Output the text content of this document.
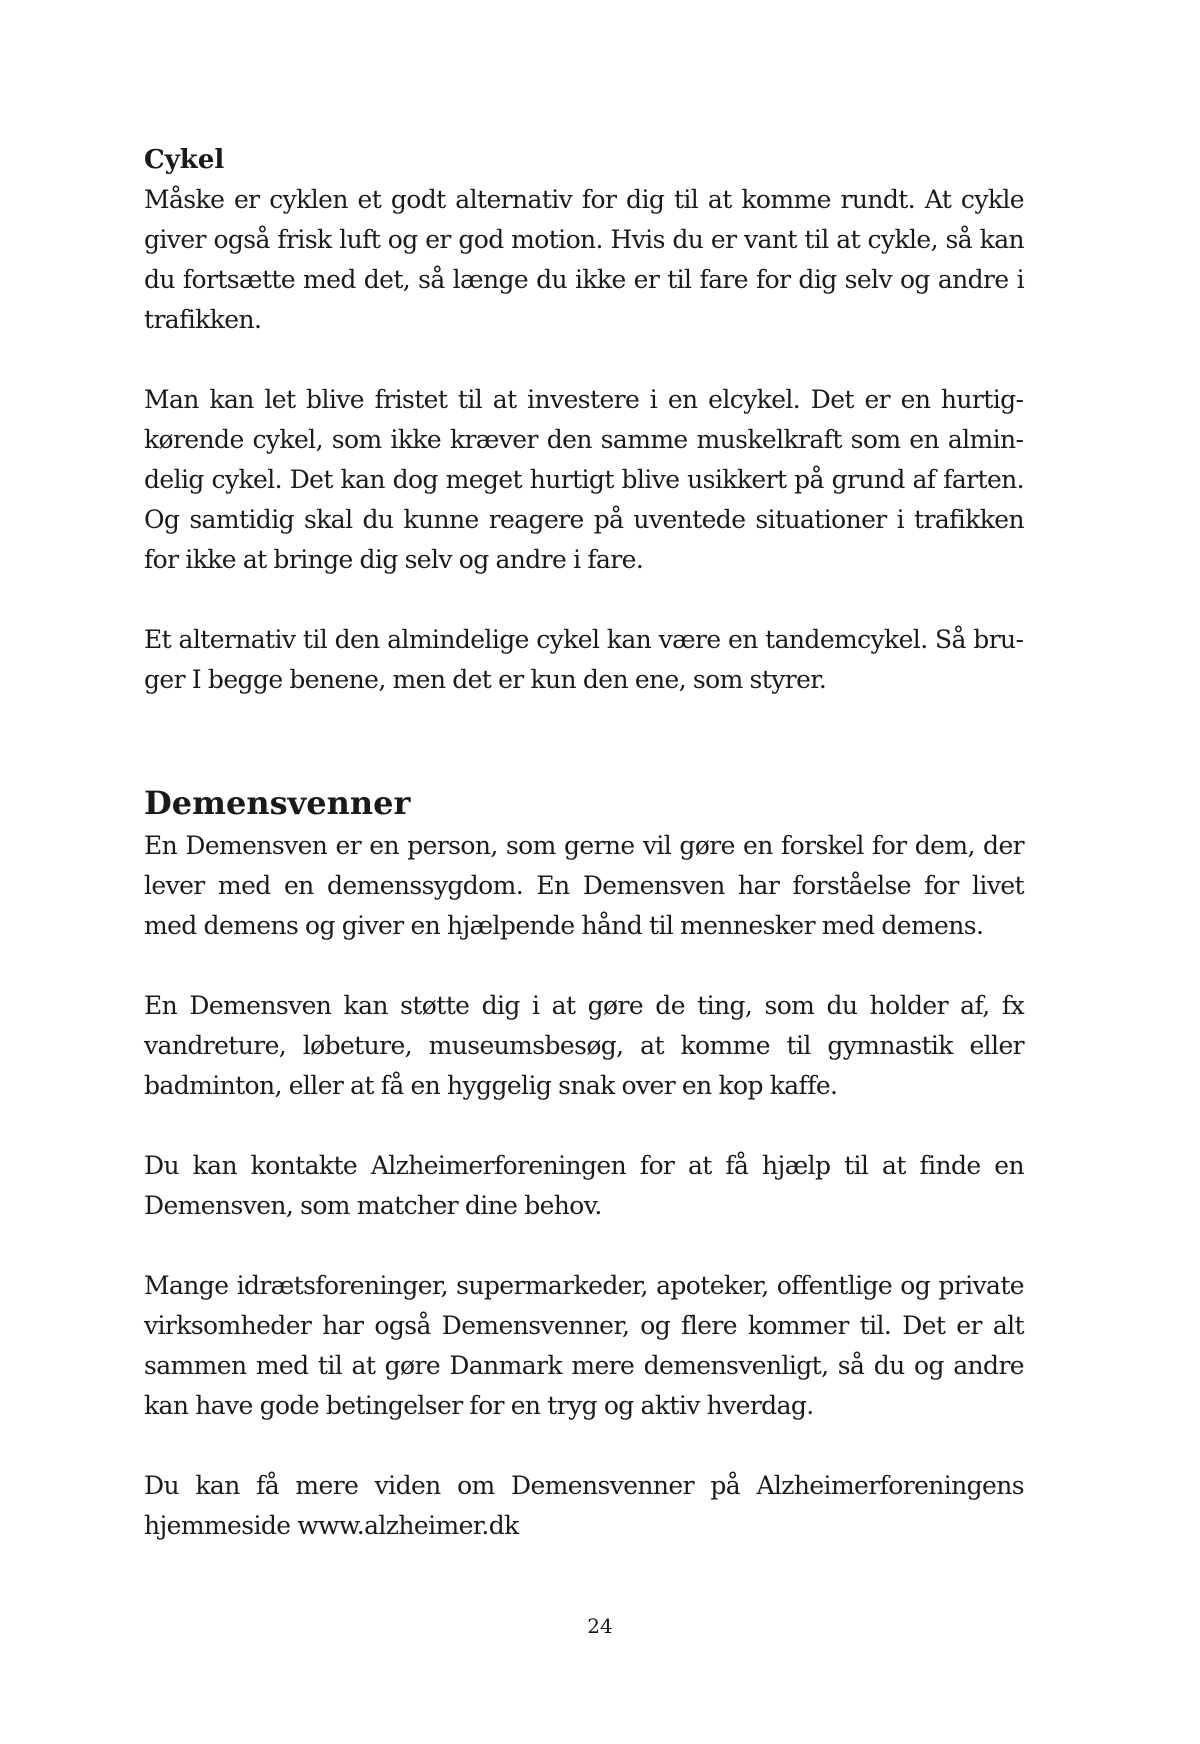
Cykel

Måske er cyklen et godt alternativ for dig til at komme rundt. At cykle giver også frisk luft og er god motion. Hvis du er vant til at cykle, så kan du fortsætte med det, så længe du ikke er til fare for dig selv og andre i trafikken.

Man kan let blive fristet til at investere i en elcykel. Det er en hurtigkørende cykel, som ikke kræver den samme muskelkraft som en almindelig cykel. Det kan dog meget hurtigt blive usikkert på grund af farten. Og samtidig skal du kunne reagere på uventede situationer i trafikken for ikke at bringe dig selv og andre i fare.

Et alternativ til den almindelige cykel kan være en tandemcykel. Så bruger I begge benene, men det er kun den ene, som styrer.

Demensvenner

En Demensven er en person, som gerne vil gøre en forskel for dem, der lever med en demenssygdom. En Demensven har forståelse for livet med demens og giver en hjælpende hånd til mennesker med demens.

En Demensven kan støtte dig i at gøre de ting, som du holder af, fx vandreture, løbeture, museumsbesøg, at komme til gymnastik eller badminton, eller at få en hyggelig snak over en kop kaffe.

Du kan kontakte Alzheimerforeningen for at få hjælp til at finde en Demensven, som matcher dine behov.

Mange idrætsforeninger, supermarkeder, apoteker, offentlige og private virksomheder har også Demensvenner, og flere kommer til. Det er alt sammen med til at gøre Danmark mere demensvenligt, så du og andre kan have gode betingelser for en tryg og aktiv hverdag.

Du kan få mere viden om Demensvenner på Alzheimerforeningens hjemmeside www.alzheimer.dk

24
